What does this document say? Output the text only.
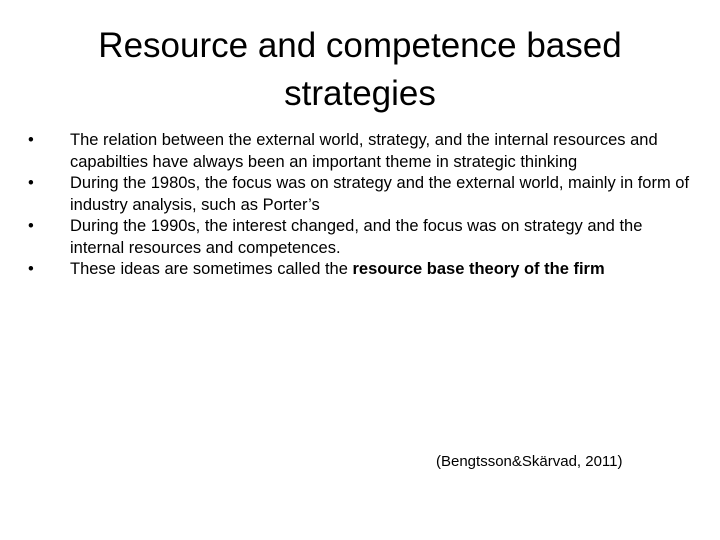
Resource and competence based
strategies
•	The relation between the external world, strategy, and the internal resources and capabilties have always been an important theme in strategic thinking
•	During the 1980s, the focus was on strategy and the external world, mainly in form of industry analysis, such as Porter’s
•	During the 1990s, the interest changed, and the focus was on strategy and the internal resources and competences.
•	These ideas are sometimes called the resource base theory of the firm
(Bengtsson&Skärvad, 2011)
